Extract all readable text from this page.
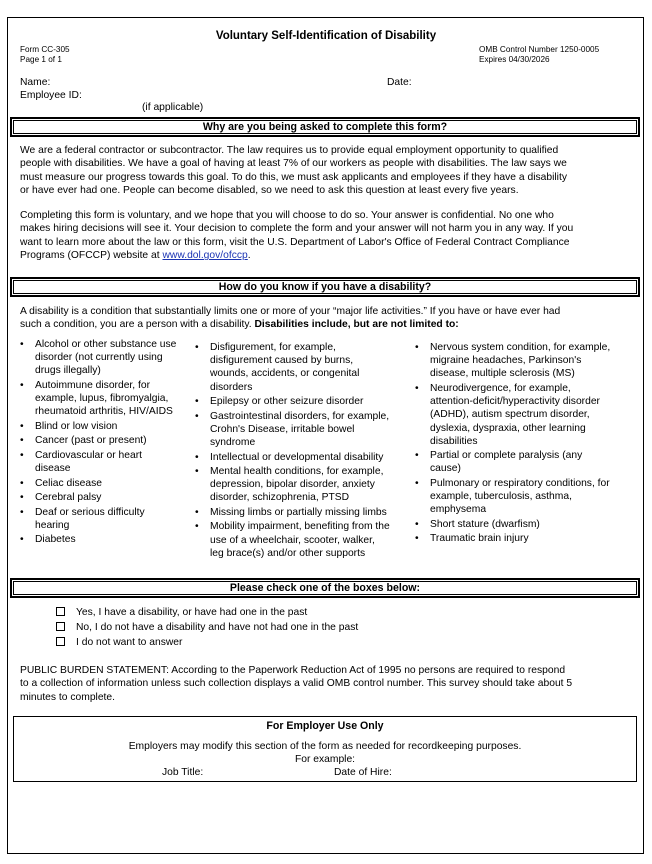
Voluntary Self-Identification of Disability
Form CC-305
Page 1 of 1
OMB Control Number 1250-0005
Expires 04/30/2026
Name:	Date:
Employee ID:
(if applicable)
Why are you being asked to complete this form?

We are a federal contractor or subcontractor. The law requires us to provide equal employment opportunity to qualified

people with disabilities. We have a goal of having at least 7% of our workers as people with disabilities. The law says we

must measure our progress towards this goal. To do this, we must ask applicants and employees if they have a disability

or have ever had one. People can become disabled, so we need to ask this question at least every five years.

Completing this form is voluntary, and we hope that you will choose to do so. Your answer is confidential. No one who

makes hiring decisions will see it. Your decision to complete the form and your answer will not harm you in any way. If you

want to learn more about the law or this form, visit the U.S. Department of Labor's Office of Federal Contract Compliance

Programs (OFCCP) website at www.dol.gov/ofccp.

How do you know if you have a disability?

A disability is a condition that substantially limits one or more of your “major life activities.” If you have or have ever had

such a condition, you are a person with a disability. Disabilities include, but are not limited to:

• Alcohol or other substance use
disorder (not currently using
drugs illegally)
• Autoimmune disorder, for
example, lupus, fibromyalgia,
rheumatoid arthritis, HIV/AIDS
• Blind or low vision
• Cancer (past or present)
• Cardiovascular or heart
disease
• Celiac disease
• Cerebral palsy
• Deaf or serious difficulty
hearing
• Diabetes
• Disfigurement, for example,
disfigurement caused by burns,
wounds, accidents, or congenital
disorders
• Epilepsy or other seizure disorder
• Gastrointestinal disorders, for example,
Crohn's Disease, irritable bowel
syndrome
• Intellectual or developmental disability
• Mental health conditions, for example,
depression, bipolar disorder, anxiety
disorder, schizophrenia, PTSD
• Missing limbs or partially missing limbs
• Mobility impairment, benefiting from the
use of a wheelchair, scooter, walker,
leg brace(s) and/or other supports
• Nervous system condition, for example,
migraine headaches, Parkinson's
disease, multiple sclerosis (MS)
• Neurodivergence, for example,
attention-deficit/hyperactivity disorder
(ADHD), autism spectrum disorder,
dyslexia, dyspraxia, other learning
disabilities
• Partial or complete paralysis (any
cause)
• Pulmonary or respiratory conditions, for
example, tuberculosis, asthma,
emphysema
• Short stature (dwarfism)
• Traumatic brain injury
Please check one of the boxes below:
Yes, I have a disability, or have had one in the past
No, I do not have a disability and have not had one in the past
I do not want to answer

PUBLIC BURDEN STATEMENT: According to the Paperwork Reduction Act of 1995 no persons are required to respond

to a collection of information unless such collection displays a valid OMB control number. This survey should take about 5

minutes to complete.

For Employer Use Only
Employers may modify this section of the form as needed for recordkeeping purposes.
For example:
Job Title:	Date of Hire:
